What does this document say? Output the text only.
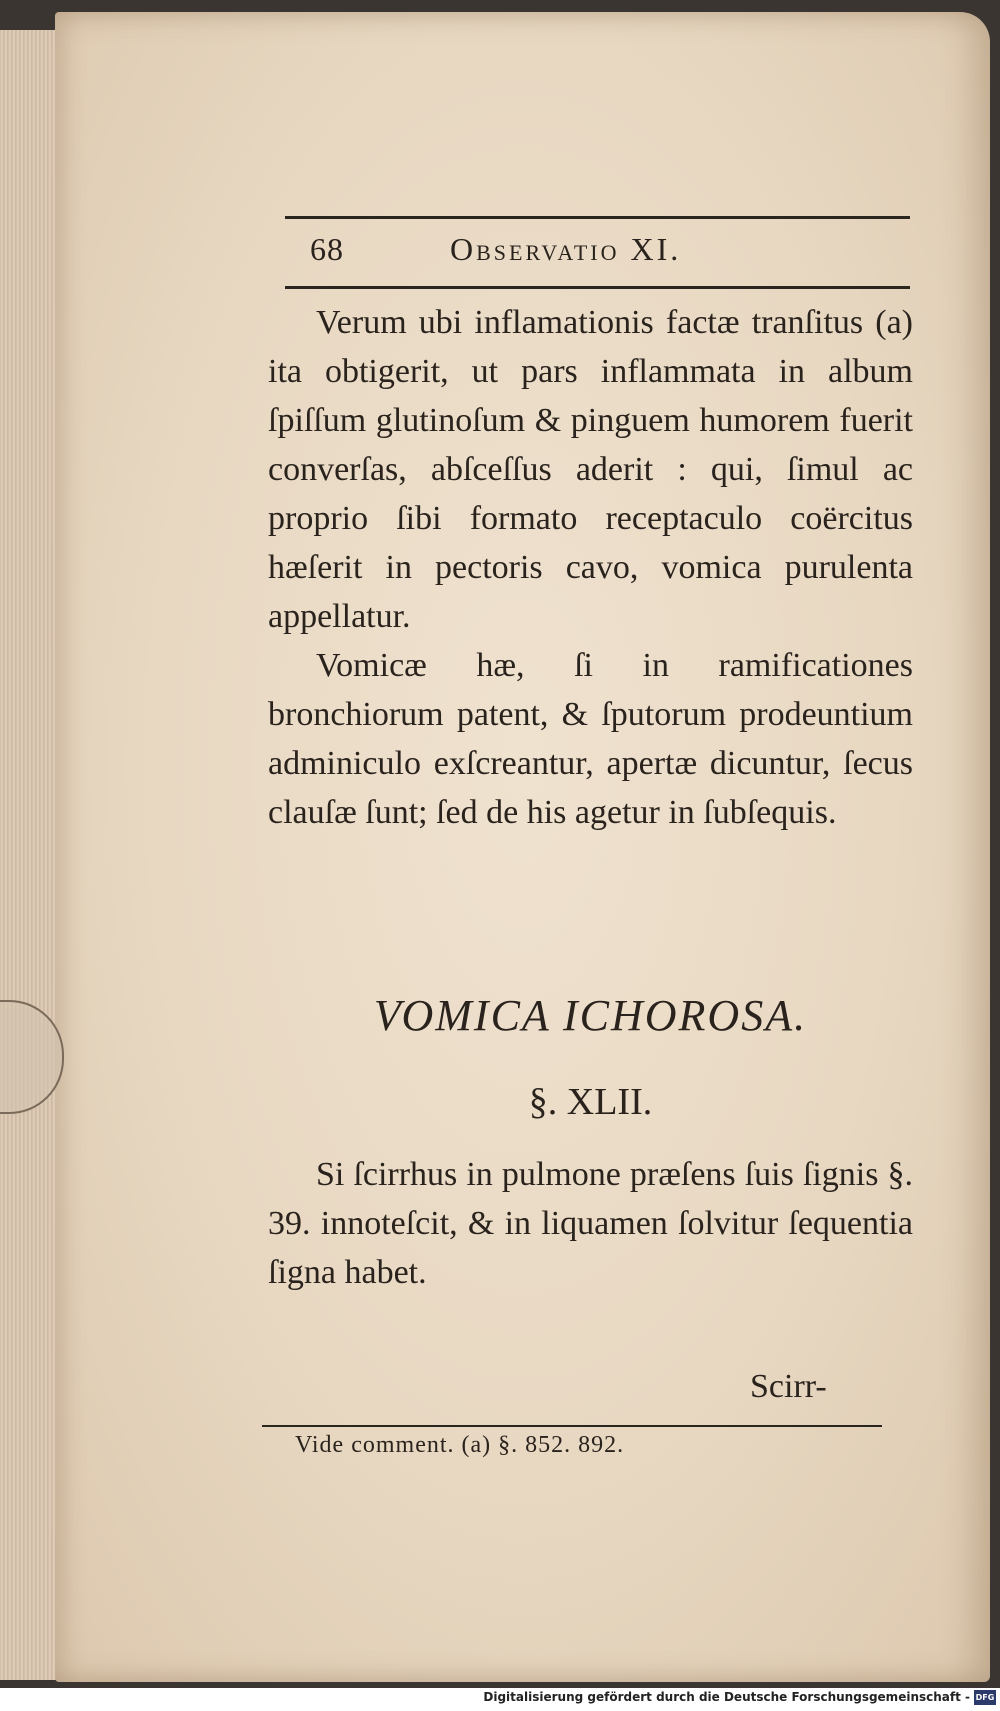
68	Observatio XI.

Verum ubi inflamationis factæ tranſitus (a) ita obtigerit, ut pars inflammata in album ſpiſſum glutinoſum & pinguem humorem fuerit converſas, abſceſſus aderit : qui, ſimul ac proprio ſibi formato receptaculo coërcitus hæſerit in pectoris cavo, vomica purulenta appellatur.

Vomicæ hæ, ſi in ramificationes bronchiorum patent, & ſputorum prodeuntium adminiculo exſcreantur, apertæ dicuntur, ſecus clauſæ ſunt; ſed de his agetur in ſubſequis.

VOMICA ICHOROSA.
§. XLII.

Si ſcirrhus in pulmone præſens ſuis ſignis §. 39. innoteſcit, & in liquamen ſolvitur ſequentia ſigna habet.

Scirr-
Vide comment. (a) §. 852. 892.
Digitalisierung gefördert durch die Deutsche Forschungsgemeinschaft - DFG
